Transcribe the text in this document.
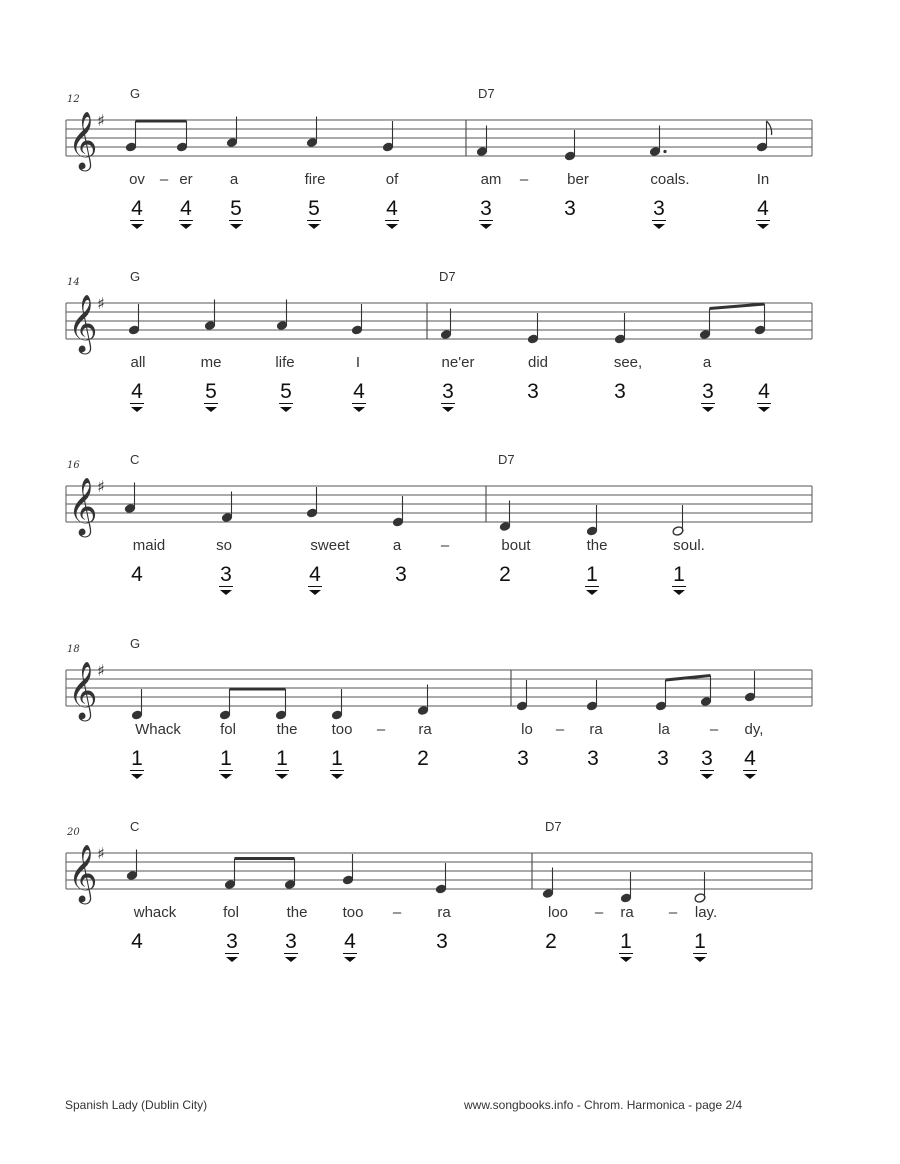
12	G	D7
𝄞 ♯
ov – er a	fire	of	am –	ber	coals.	In
4 4 5	5	4	3	3	3	4
14	G	D7
𝄞 ♯
all	me	life	I	ne'er	did	see,	a
4	5	5	4	3	3	3	3 4
16	C	D7
𝄞 ♯
maid	so	sweet	a	–	bout	the	soul.
4	3	4	3	2	1	1
18	G
𝄞 ♯
Whack	fol	the too – ra	lo – ra	la	– dy,
1	1 1 1	2	3	3	3 3 4
20	C	D7
𝄞 ♯
whack	fol	the too – ra	loo – ra – lay.
4	3 3 4	3	2	1	1
Spanish Lady (Dublin City)	www.songbooks.info - Chrom. Harmonica - page 2/4
